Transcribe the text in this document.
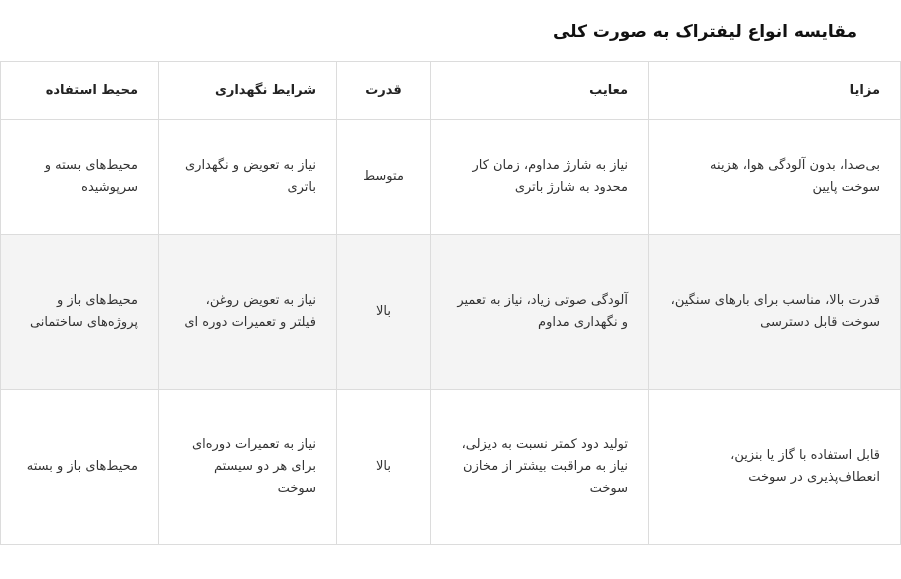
مقایسه انواع لیفتراک به صورت کلی
مزایا	معایب	قدرت	شرایط نگهداری	محیط استفاده
بی‌صدا، بدون آلودگی هوا، هزینه سوخت پایین	نیاز به شارژ مداوم، زمان کار محدود به شارژ باتری	متوسط	نیاز به تعویض و نگهداری باتری	محیط‌های بسته و سرپوشیده
قدرت بالا، مناسب برای بارهای سنگین، سوخت قابل دسترسی	آلودگی صوتی زیاد، نیاز به تعمیر و نگهداری مداوم	بالا	نیاز به تعویض روغن، فیلتر و تعمیرات دوره ای	محیط‌های باز و پروژه‌های ساختمانی
قابل استفاده با گاز یا بنزین، انعطاف‌پذیری در سوخت	تولید دود کمتر نسبت به دیزلی، نیاز به مراقبت بیشتر از مخازن سوخت	بالا	نیاز به تعمیرات دوره‌ای برای هر دو سیستم سوخت	محیط‌های باز و بسته
